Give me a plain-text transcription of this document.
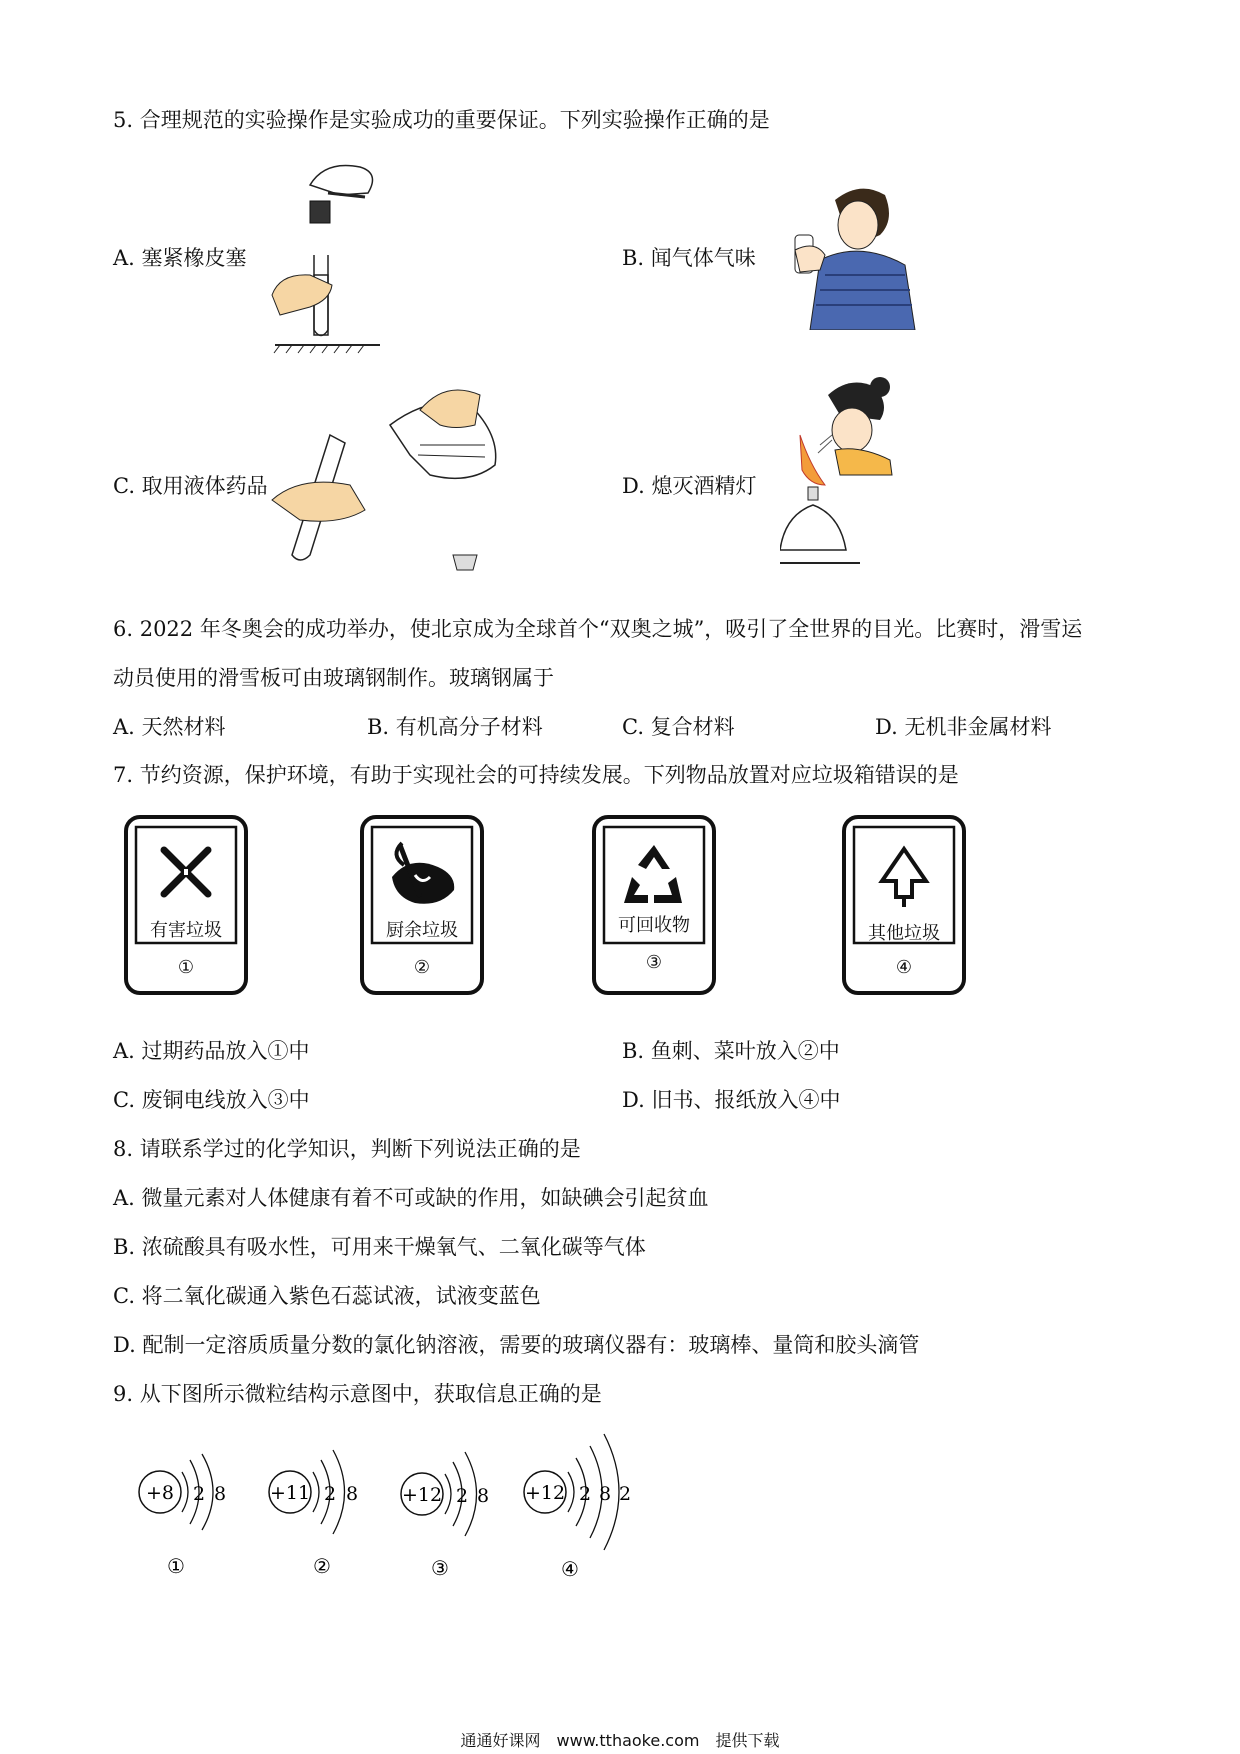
5. 合理规范的实验操作是实验成功的重要保证。下列实验操作正确的是
A. 塞紧橡皮塞	B. 闻气体气味
C. 取用液体药品	D. 熄灭酒精灯
6. 2022 年冬奥会的成功举办，使北京成为全球首个“双奥之城”，吸引了全世界的目光。比赛时，滑雪运
动员使用的滑雪板可由玻璃钢制作。玻璃钢属于
A. 天然材料	B. 有机高分子材料	C. 复合材料	D. 无机非金属材料
7. 节约资源，保护环境，有助于实现社会的可持续发展。下列物品放置对应垃圾箱错误的是
有害垃圾
①
厨余垃圾
②
可回收物
③
其他垃圾
④
A. 过期药品放入①中	B. 鱼刺、菜叶放入②中
C. 废铜电线放入③中	D. 旧书、报纸放入④中
8. 请联系学过的化学知识，判断下列说法正确的是
A. 微量元素对人体健康有着不可或缺的作用，如缺碘会引起贫血
B. 浓硫酸具有吸水性，可用来干燥氧气、二氧化碳等气体
C. 将二氧化碳通入紫色石蕊试液，试液变蓝色
D. 配制一定溶质质量分数的氯化钠溶液，需要的玻璃仪器有：玻璃棒、量筒和胶头滴管
9. 从下图所示微粒结构示意图中，获取信息正确的是
+8 2 8
①
+11 2 8
②
+12 2 8
③
+12 2 8 2
④
通通好课网　www.tthaoke.com　提供下载
